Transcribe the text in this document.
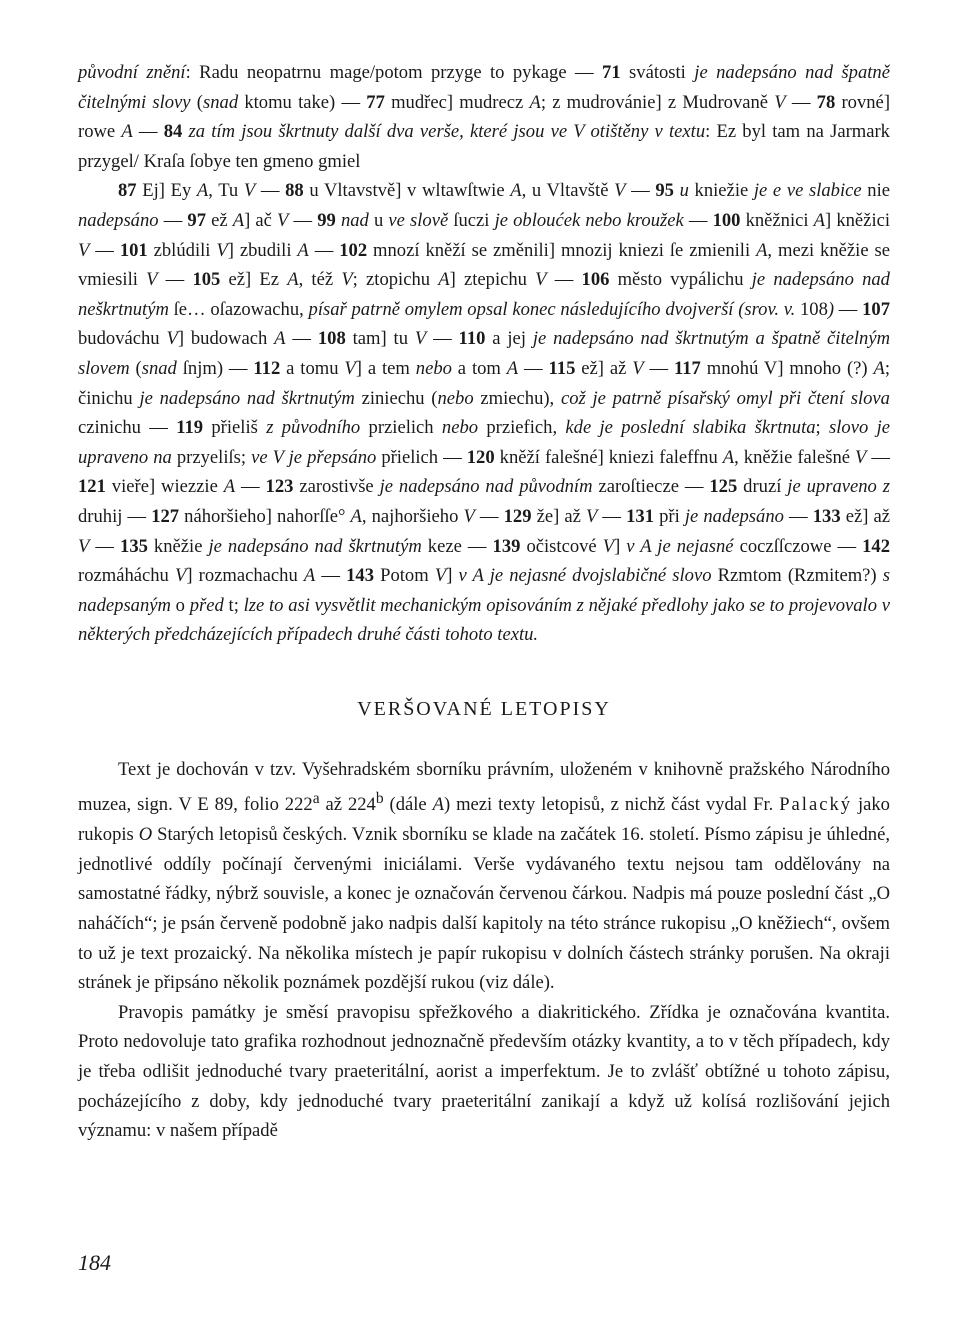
původní znění: Radu neopatrnu mage/potom przyge to pykage — 71 svátosti je nadepsáno nad špatně čitelnými slovy (snad ktomu take) — 77 mudřec] mudrecz A; z mudrovánie] z Mudrovaně V — 78 rovné] rowe A — 84 za tím jsou škrtnuty další dva verše, které jsou ve V otištěny v textu: Ez byl tam na Jarmark przygel/ Kraſa ſobye ten gmeno gmiel

87 Ej] Ey A, Tu V — 88 u Vltavstvě] v wltawſtwie A, u Vltavště V — 95 u kniežie je e ve slabice nie nadepsáno — 97 ež A] ač V — 99 nad u ve slově ſuczi je obloućek nebo kroužek — 100 kněžnici A] kněžici V — 101 zblúdili V] zbudili A — 102 mnozí kněží se změnili] mnozij kniezi ſe zmienili A, mezi kněžie se vmiesili V — 105 ež] Ez A, též V; ztopichu A] ztepichu V — 106 město vypálichu je nadepsáno nad neškrtnutým ſe… oſazowachu, písař patrně omylem opsal konec následujícího dvojverší (srov. v. 108) — 107 budováchu V] budowach A — 108 tam] tu V — 110 a jej je nadepsáno nad škrtnutým a špatně čitelným slovem (snad ſnjm) — 112 a tomu V] a tem nebo a tom A — 115 ež] až V — 117 mnohú V] mnoho (?) A; činichu je nadepsáno nad škrtnutým ziniechu (nebo zmiechu), což je patrně písařský omyl při čtení slova czinichu — 119 přieliš z původního przielich nebo prziefich, kde je poslední slabika škrtnuta; slovo je upraveno na przyeliſs; ve V je přepsáno přielich — 120 kněží falešné] kniezi faleffnu A, kněžie falešné V — 121 vieře] wiezzie A — 123 zarostivše je nadepsáno nad původním zaroſtiecze — 125 druzí je upraveno z druhij — 127 náhoršieho] nahorſſe° A, najhoršieho V — 129 že] až V — 131 při je nadepsáno — 133 ež] až V — 135 kněžie je nadepsáno nad škrtnutým keze — 139 očistcové V] v A je nejasné coczſſczowe — 142 rozmáháchu V] rozmachachu A — 143 Potom V] v A je nejasné dvojslabičné slovo Rzmtom (Rzmitem?) s nadepsaným o před t; lze to asi vysvětlit mechanickým opisováním z nějaké předlohy jako se to projevovalo v některých předcházejících případech druhé části tohoto textu.

VERŠOVANÉ LETOPISY

Text je dochován v tzv. Vyšehradském sborníku právním, uloženém v knihovně pražského Národního muzea, sign. V E 89, folio 222$^a$ až 224$^b$ (dále A) mezi texty letopisů, z nichž část vydal Fr. Palacký jako rukopis O Starých letopisů českých. Vznik sborníku se klade na začátek 16. století. Písmo zápisu je úhledné, jednotlivé oddíly počínají červenými iniciálami. Verše vydávaného textu nejsou tam oddělovány na samostatné řádky, nýbrž souvisle, a konec je označován červenou čárkou. Nadpis má pouze poslední část „O naháčích“; je psán červeně podobně jako nadpis další kapitoly na této stránce rukopisu „O kněžiech“, ovšem to už je text prozaický. Na několika místech je papír rukopisu v dolních částech stránky porušen. Na okraji stránek je připsáno několik poznámek pozdější rukou (viz dále).

Pravopis památky je směsí pravopisu spřežkového a diakritického. Zřídka je označována kvantita. Proto nedovoluje tato grafika rozhodnout jednoznačně především otázky kvantity, a to v těch případech, kdy je třeba odlišit jednoduché tvary praeteritální, aorist a imperfektum. Je to zvlášť obtížné u tohoto zápisu, pocházejícího z doby, kdy jednoduché tvary praeteritální zanikají a když už kolísá rozlišování jejich významu: v našem případě

184
